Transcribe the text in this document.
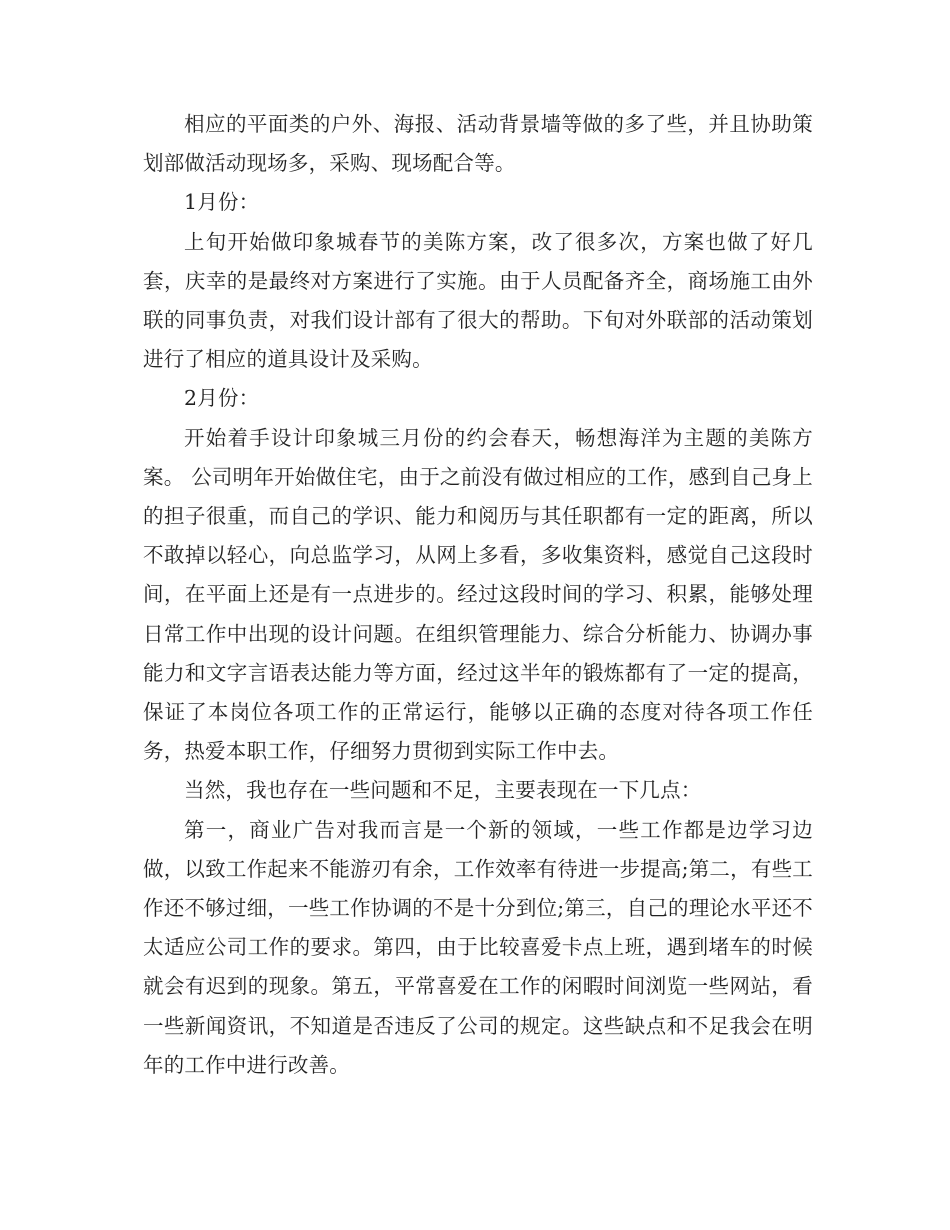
相应的平面类的户外、海报、活动背景墙等做的多了些，并且协助策划部做活动现场多，采购、现场配合等。

1月份：

上旬开始做印象城春节的美陈方案，改了很多次，方案也做了好几套，庆幸的是最终对方案进行了实施。由于人员配备齐全，商场施工由外联的同事负责，对我们设计部有了很大的帮助。下旬对外联部的活动策划进行了相应的道具设计及采购。

2月份：

开始着手设计印象城三月份的约会春天，畅想海洋为主题的美陈方案。 公司明年开始做住宅，由于之前没有做过相应的工作，感到自己身上的担子很重，而自己的学识、能力和阅历与其任职都有一定的距离，所以不敢掉以轻心，向总监学习，从网上多看，多收集资料，感觉自己这段时间，在平面上还是有一点进步的。经过这段时间的学习、积累，能够处理日常工作中出现的设计问题。在组织管理能力、综合分析能力、协调办事能力和文字言语表达能力等方面，经过这半年的锻炼都有了一定的提高，保证了本岗位各项工作的正常运行，能够以正确的态度对待各项工作任务，热爱本职工作，仔细努力贯彻到实际工作中去。

当然，我也存在一些问题和不足，主要表现在一下几点：

第一，商业广告对我而言是一个新的领域，一些工作都是边学习边做，以致工作起来不能游刃有余，工作效率有待进一步提高;第二，有些工作还不够过细，一些工作协调的不是十分到位;第三，自己的理论水平还不太适应公司工作的要求。第四，由于比较喜爱卡点上班，遇到堵车的时候就会有迟到的现象。第五，平常喜爱在工作的闲暇时间浏览一些网站，看一些新闻资讯，不知道是否违反了公司的规定。这些缺点和不足我会在明年的工作中进行改善。
